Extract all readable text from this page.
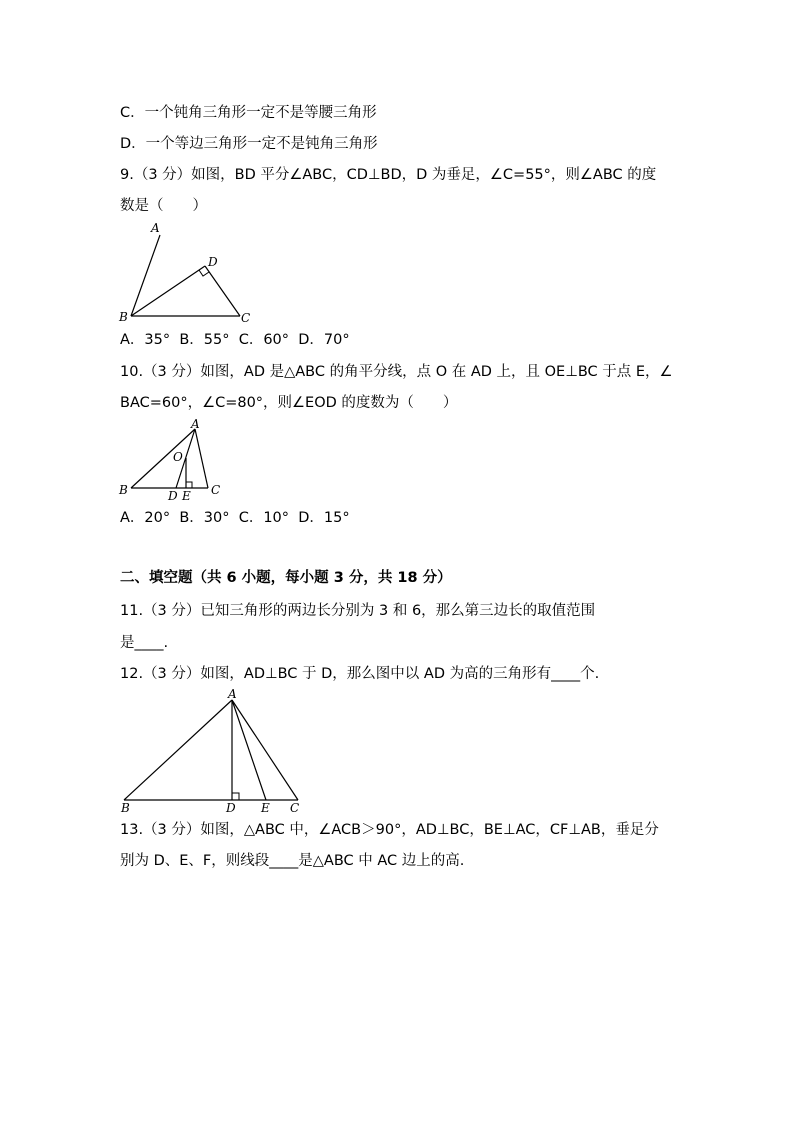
C．一个钝角三角形一定不是等腰三角形
D．一个等边三角形一定不是钝角三角形
9.（3 分）如图，BD 平分∠ABC，CD⊥BD，D 为垂足，∠C=55°，则∠ABC 的度
数是（　　）
A
B	C
D
A．35°  B．55°  C．60°  D．70°
10.（3 分）如图，AD 是△ABC 的角平分线，点 O 在 AD 上，且 OE⊥BC 于点 E，∠
BAC=60°，∠C=80°，则∠EOD 的度数为（　　）
A
B	C
D E
O
A．20°  B．30°  C．10°  D．15°
二、填空题（共 6 小题，每小题 3 分，共 18 分）
11.（3 分）已知三角形的两边长分别为 3 和 6，那么第三边长的取值范围
是____.
12.（3 分）如图，AD⊥BC 于 D，那么图中以 AD 为高的三角形有____个.
A
B	C
D E
13.（3 分）如图，△ABC 中，∠ACB＞90°，AD⊥BC，BE⊥AC，CF⊥AB，垂足分
别为 D、E、F，则线段____是△ABC 中 AC 边上的高.
